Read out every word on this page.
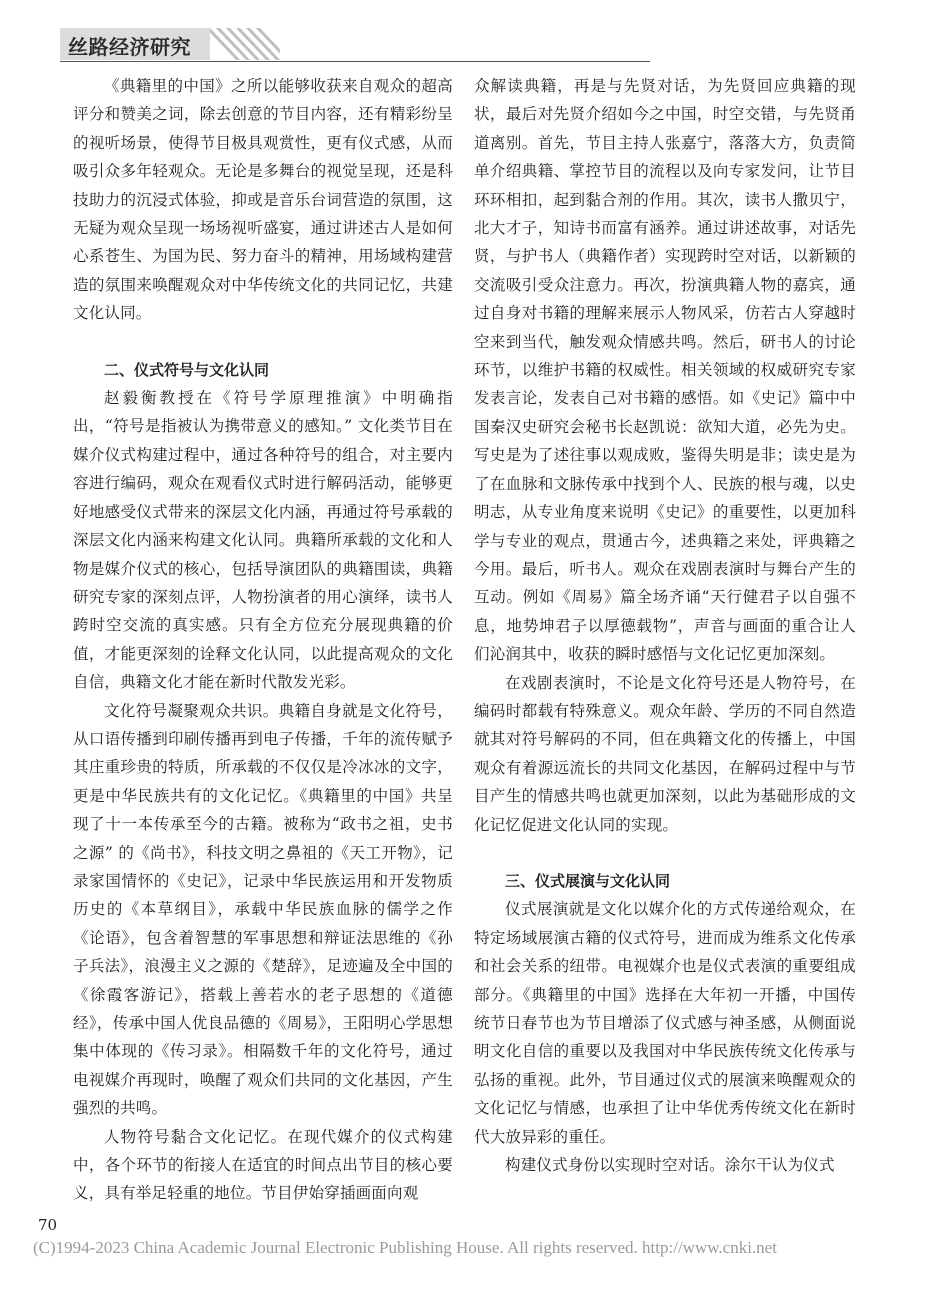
丝路经济研究

《典籍里的中国》之所以能够收获来自观众的超高评分和赞美之词，除去创意的节目内容，还有精彩纷呈的视听场景，使得节目极具观赏性，更有仪式感，从而吸引众多年轻观众。无论是多舞台的视觉呈现，还是科技助力的沉浸式体验，抑或是音乐台词营造的氛围，这无疑为观众呈现一场场视听盛宴，通过讲述古人是如何心系苍生、为国为民、努力奋斗的精神，用场域构建营造的氛围来唤醒观众对中华传统文化的共同记忆，共建文化认同。

二、仪式符号与文化认同

赵毅衡教授在《符号学原理推演》中明确指出，“符号是指被认为携带意义的感知。” 文化类节目在媒介仪式构建过程中，通过各种符号的组合，对主要内容进行编码，观众在观看仪式时进行解码活动，能够更好地感受仪式带来的深层文化内涵，再通过符号承载的深层文化内涵来构建文化认同。典籍所承载的文化和人物是媒介仪式的核心，包括导演团队的典籍围读，典籍研究专家的深刻点评，人物扮演者的用心演绎，读书人跨时空交流的真实感。只有全方位充分展现典籍的价值，才能更深刻的诠释文化认同，以此提高观众的文化自信，典籍文化才能在新时代散发光彩。

文化符号凝聚观众共识。典籍自身就是文化符号，从口语传播到印刷传播再到电子传播，千年的流传赋予其庄重珍贵的特质，所承载的不仅仅是冷冰冰的文字，更是中华民族共有的文化记忆。《典籍里的中国》共呈现了十一本传承至今的古籍。被称为“政书之祖，史书之源” 的《尚书》，科技文明之鼻祖的《天工开物》，记录家国情怀的《史记》，记录中华民族运用和开发物质历史的《本草纲目》，承载中华民族血脉的儒学之作《论语》，包含着智慧的军事思想和辩证法思维的《孙子兵法》，浪漫主义之源的《楚辞》，足迹遍及全中国的《徐霞客游记》，搭载上善若水的老子思想的《道德经》，传承中国人优良品德的《周易》，王阳明心学思想集中体现的《传习录》。相隔数千年的文化符号，通过电视媒介再现时，唤醒了观众们共同的文化基因，产生强烈的共鸣。

人物符号黏合文化记忆。在现代媒介的仪式构建中，各个环节的衔接人在适宜的时间点出节目的核心要义，具有举足轻重的地位。节目伊始穿插画面向观

众解读典籍，再是与先贤对话，为先贤回应典籍的现状，最后对先贤介绍如今之中国，时空交错，与先贤甬道离别。首先，节目主持人张嘉宁，落落大方，负责简单介绍典籍、掌控节目的流程以及向专家发问，让节目环环相扣，起到黏合剂的作用。其次，读书人撒贝宁，北大才子，知诗书而富有涵养。通过讲述故事，对话先贤，与护书人（典籍作者）实现跨时空对话，以新颖的交流吸引受众注意力。再次，扮演典籍人物的嘉宾，通过自身对书籍的理解来展示人物风采，仿若古人穿越时空来到当代，触发观众情感共鸣。然后，研书人的讨论环节，以维护书籍的权威性。相关领域的权威研究专家发表言论，发表自己对书籍的感悟。如《史记》篇中中国秦汉史研究会秘书长赵凯说：欲知大道，必先为史。写史是为了述往事以观成败，鉴得失明是非；读史是为了在血脉和文脉传承中找到个人、民族的根与魂，以史明志，从专业角度来说明《史记》的重要性，以更加科学与专业的观点，贯通古今，述典籍之来处，评典籍之今用。最后，听书人。观众在戏剧表演时与舞台产生的互动。例如《周易》篇全场齐诵“天行健君子以自强不息，地势坤君子以厚德载物”，声音与画面的重合让人们沁润其中，收获的瞬时感悟与文化记忆更加深刻。

在戏剧表演时，不论是文化符号还是人物符号，在编码时都载有特殊意义。观众年龄、学历的不同自然造就其对符号解码的不同，但在典籍文化的传播上，中国观众有着源远流长的共同文化基因，在解码过程中与节目产生的情感共鸣也就更加深刻，以此为基础形成的文化记忆促进文化认同的实现。

三、仪式展演与文化认同

仪式展演就是文化以媒介化的方式传递给观众，在特定场域展演古籍的仪式符号，进而成为维系文化传承和社会关系的纽带。电视媒介也是仪式表演的重要组成部分。《典籍里的中国》选择在大年初一开播，中国传统节日春节也为节目增添了仪式感与神圣感，从侧面说明文化自信的重要以及我国对中华民族传统文化传承与弘扬的重视。此外，节目通过仪式的展演来唤醒观众的文化记忆与情感，也承担了让中华优秀传统文化在新时代大放异彩的重任。

构建仪式身份以实现时空对话。涂尔干认为仪式

70
(C)1994-2023 China Academic Journal Electronic Publishing House. All rights reserved. http://www.cnki.net
